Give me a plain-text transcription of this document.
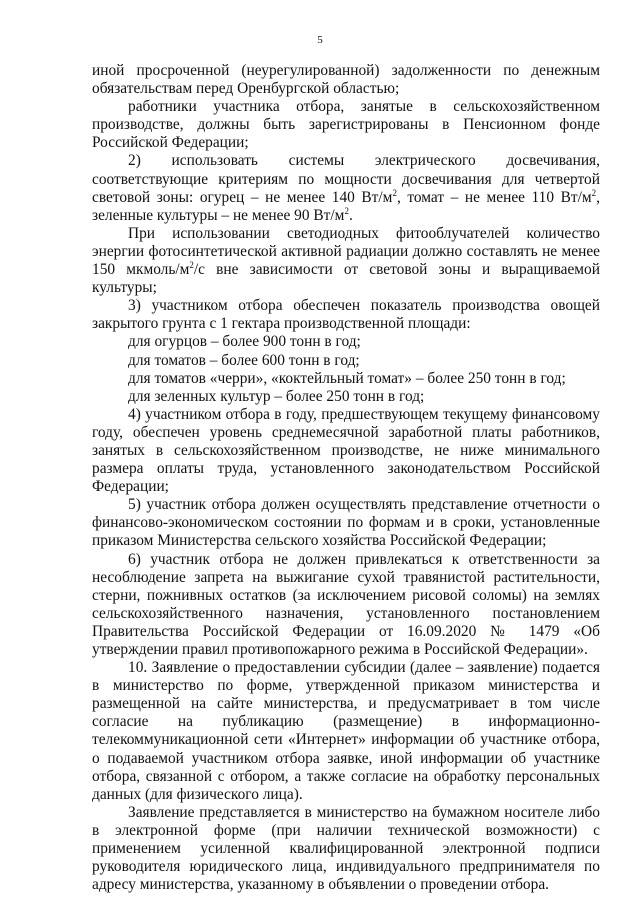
5

иной просроченной (неурегулированной) задолженности по денежным обязательствам перед Оренбургской областью;

работники участника отбора, занятые в сельскохозяйственном производстве, должны быть зарегистрированы в Пенсионном фонде Российской Федерации;

2) использовать системы электрического досвечивания, соответствующие критериям по мощности досвечивания для четвертой световой зоны: огурец – не менее 140 $Вт/м^2$, томат – не менее 110 $Вт/м^2$, зеленные культуры – не менее 90 $Вт/м^2$.

При использовании светодиодных фитооблучателей количество энергии фотосинтетической активной радиации должно составлять не менее 150 мкмоль/$м^2/с$ вне зависимости от световой зоны и выращиваемой культуры;

3) участником отбора обеспечен показатель производства овощей закрытого грунта с 1 гектара производственной площади:

для огурцов – более 900 тонн в год;

для томатов – более 600 тонн в год;

для томатов «черри», «коктейльный томат» – более 250 тонн в год;

для зеленных культур – более 250 тонн в год;

4) участником отбора в году, предшествующем текущему финансовому году, обеспечен уровень среднемесячной заработной платы работников, занятых в сельскохозяйственном производстве, не ниже минимального размера оплаты труда, установленного законодательством Российской Федерации;

5) участник отбора должен осуществлять представление отчетности о финансово-экономическом состоянии по формам и в сроки, установленные приказом Министерства сельского хозяйства Российской Федерации;

6) участник отбора не должен привлекаться к ответственности за несоблюдение запрета на выжигание сухой травянистой растительности, стерни, пожнивных остатков (за исключением рисовой соломы) на землях сельскохозяйственного назначения, установленного постановлением Правительства Российской Федерации от 16.09.2020 № 1479 «Об утверждении правил противопожарного режима в Российской Федерации».

10. Заявление о предоставлении субсидии (далее – заявление) подается в министерство по форме, утвержденной приказом министерства и размещенной на сайте министерства, и предусматривает в том числе согласие на публикацию (размещение) в информационно-телекоммуникационной сети «Интернет» информации об участнике отбора, о подаваемой участником отбора заявке, иной информации об участнике отбора, связанной с отбором, а также согласие на обработку персональных данных (для физического лица).

Заявление представляется в министерство на бумажном носителе либо в электронной форме (при наличии технической возможности) с применением усиленной квалифицированной электронной подписи руководителя юридического лица, индивидуального предпринимателя по адресу министерства, указанному в объявлении о проведении отбора.
